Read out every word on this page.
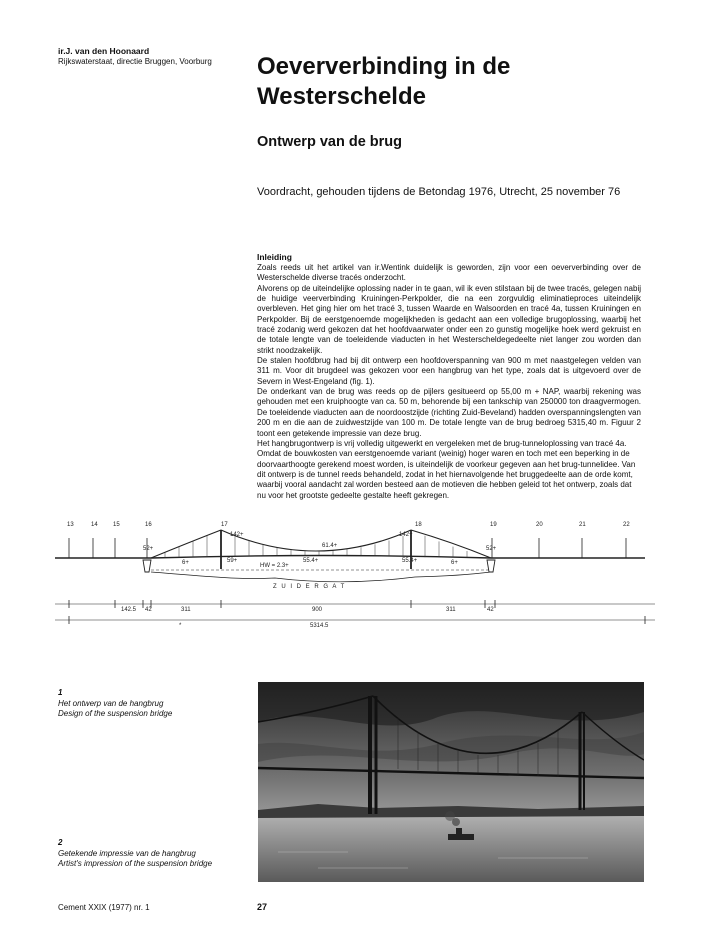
ir.J. van den Hoonaard
Rijkswaterstaat, directie Bruggen, Voorburg Oeververbinding in de
Westerschelde
Ontwerp van de brug
Voordracht, gehouden tijdens de Betondag 1976, Utrecht, 25 november 76
Inleiding

Zoals reeds uit het artikel van ir.Wentink duidelijk is geworden, zijn voor een oeververbinding over de Westerschelde diverse tracés onderzocht.

Alvorens op de uiteindelijke oplossing nader in te gaan, wil ik even stilstaan bij de twee tracés, gelegen nabij de huidige veerverbinding Kruiningen-Perkpolder, die na een zorgvuldig eliminatieproces uiteindelijk overbleven. Het ging hier om het tracé 3, tussen Waarde en Walsoorden en tracé 4a, tussen Kruiningen en Perkpolder. Bij de eerstgenoemde mogelijkheden is gedacht aan een volledige brugoplossing, waarbij het tracé zodanig werd gekozen dat het hoofdvaarwater onder een zo gunstig mogelijke hoek werd gekruist en de totale lengte van de toeleidende viaducten in het Westerscheldegedeelte niet langer zou worden dan strikt noodzakelijk.

De stalen hoofdbrug had bij dit ontwerp een hoofdoverspanning van 900 m met naastgelegen velden van 311 m. Voor dit brugdeel was gekozen voor een hangbrug van het type, zoals dat is uitgevoerd over de Severn in West-Engeland (fig. 1).

De onderkant van de brug was reeds op de pijlers gesitueerd op 55,00 m + NAP, waarbij rekening was gehouden met een kruiphoogte van ca. 50 m, behorende bij een tankschip van 250000 ton draagvermogen. De toeleidende viaducten aan de noordoostzijde (richting Zuid-Beveland) hadden overspanningslengten van 200 m en die aan de zuidwestzijde van 100 m. De totale lengte van de brug bedroeg 5315,40 m. Figuur 2 toont een getekende impressie van deze brug.

Het hangbrugontwerp is vrij volledig uitgewerkt en vergeleken met de brug-tunneloplossing van tracé 4a. Omdat de bouwkosten van eerstgenoemde variant (weinig) hoger waren en toch met een beperking in de doorvaarthoogte gerekend moest worden, is uiteindelijk de voorkeur gegeven aan het brug-tunnelidee. Van dit ontwerp is de tunnel reeds behandeld, zodat in het hiernavolgende het bruggedeelte aan de orde komt, waarbij vooral aandacht zal worden besteed aan de motieven die hebben geleid tot het ontwerp, zoals dat nu voor het grootste gedeelte gestalte heeft gekregen.

13	14	15	16	17	18	19	20	21	22
52+
142+
61.4+
142+
52+
59+	55.4+	55.4+
6+	6+
HW = 2.3+
Z U I D E R G A T
142.5 42	311	900	311	42
5314.5
*
1
Het ontwerp van de hangbrug
Design of the suspension bridge
2
Getekende impressie van de hangbrug
Artist's impression of the suspension bridge
Cement XXIX (1977) nr. 1	27
